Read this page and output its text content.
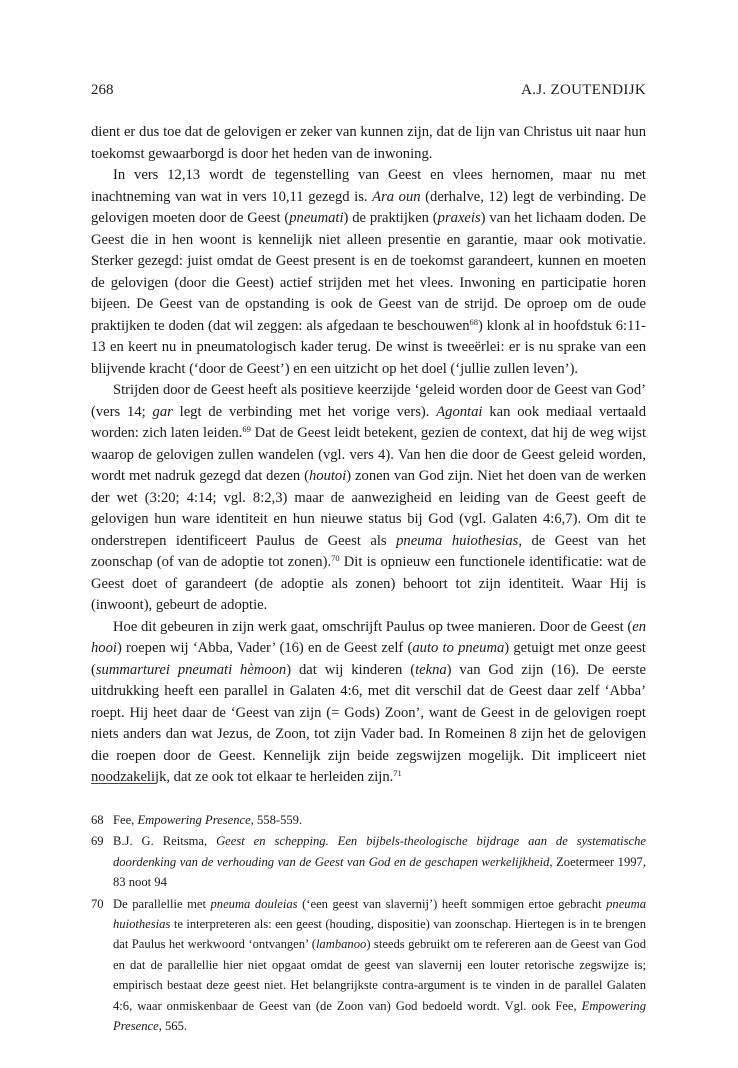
268	A.J. ZOUTENDIJK

dient er dus toe dat de gelovigen er zeker van kunnen zijn, dat de lijn van Christus uit naar hun toekomst gewaarborgd is door het heden van de inwoning.

In vers 12,13 wordt de tegenstelling van Geest en vlees hernomen, maar nu met inachtneming van wat in vers 10,11 gezegd is. Ara oun (derhalve, 12) legt de verbinding. De gelovigen moeten door de Geest (pneumati) de praktijken (praxeis) van het lichaam doden. De Geest die in hen woont is kennelijk niet alleen presentie en garantie, maar ook motivatie. Sterker gezegd: juist omdat de Geest present is en de toekomst garandeert, kunnen en moeten de gelovigen (door die Geest) actief strijden met het vlees. Inwoning en participatie horen bijeen. De Geest van de opstanding is ook de Geest van de strijd. De oproep om de oude praktijken te doden (dat wil zeggen: als afgedaan te beschouwen$^{68}$) klonk al in hoofdstuk 6:11-13 en keert nu in pneumatologisch kader terug. De winst is tweeërlei: er is nu sprake van een blijvende kracht (‘door de Geest’) en een uitzicht op het doel (‘jullie zullen leven’).

Strijden door de Geest heeft als positieve keerzijde ‘geleid worden door de Geest van God’ (vers 14; gar legt de verbinding met het vorige vers). Agontai kan ook mediaal vertaald worden: zich laten leiden.$^{69}$ Dat de Geest leidt betekent, gezien de context, dat hij de weg wijst waarop de gelovigen zullen wandelen (vgl. vers 4). Van hen die door de Geest geleid worden, wordt met nadruk gezegd dat dezen (houtoi) zonen van God zijn. Niet het doen van de werken der wet (3:20; 4:14; vgl. 8:2,3) maar de aanwezigheid en leiding van de Geest geeft de gelovigen hun ware identiteit en hun nieuwe status bij God (vgl. Galaten 4:6,7). Om dit te onderstrepen identificeert Paulus de Geest als pneuma huiothesias, de Geest van het zoonschap (of van de adoptie tot zonen).$^{70}$ Dit is opnieuw een functionele identificatie: wat de Geest doet of garandeert (de adoptie als zonen) behoort tot zijn identiteit. Waar Hij is (inwoont), gebeurt de adoptie.

Hoe dit gebeuren in zijn werk gaat, omschrijft Paulus op twee manieren. Door de Geest (en hooi) roepen wij ‘Abba, Vader’ (16) en de Geest zelf (auto to pneuma) getuigt met onze geest (summarturei pneumati hèmoon) dat wij kinderen (tekna) van God zijn (16). De eerste uitdrukking heeft een parallel in Galaten 4:6, met dit verschil dat de Geest daar zelf ‘Abba’ roept. Hij heet daar de ‘Geest van zijn (= Gods) Zoon’, want de Geest in de gelovigen roept niets anders dan wat Jezus, de Zoon, tot zijn Vader bad. In Romeinen 8 zijn het de gelovigen die roepen door de Geest. Kennelijk zijn beide zegswijzen mogelijk. Dit impliceert niet noodzakelijk, dat ze ook tot elkaar te herleiden zijn.$^{71}$

68 Fee, Empowering Presence, 558-559.
69 B.J. G. Reitsma, Geest en schepping. Een bijbels-theologische bijdrage aan de systematische doordenking van de verhouding van de Geest van God en de geschapen werkelijkheid, Zoetermeer 1997, 83 noot 94
70 De parallellie met pneuma douleias (‘een geest van slavernij’) heeft sommigen ertoe gebracht pneuma huiothesias te interpreteren als: een geest (houding, dispositie) van zoonschap. Hiertegen is in te brengen dat Paulus het werkwoord ‘ontvangen’ (lambanoo) steeds gebruikt om te refereren aan de Geest van God en dat de parallellie hier niet opgaat omdat de geest van slavernij een louter retorische zegswijze is; empirisch bestaat deze geest niet. Het belangrijkste contra-argument is te vinden in de parallel Galaten 4:6, waar onmiskenbaar de Geest van (de Zoon van) God bedoeld wordt. Vgl. ook Fee, Empowering Presence, 565.
